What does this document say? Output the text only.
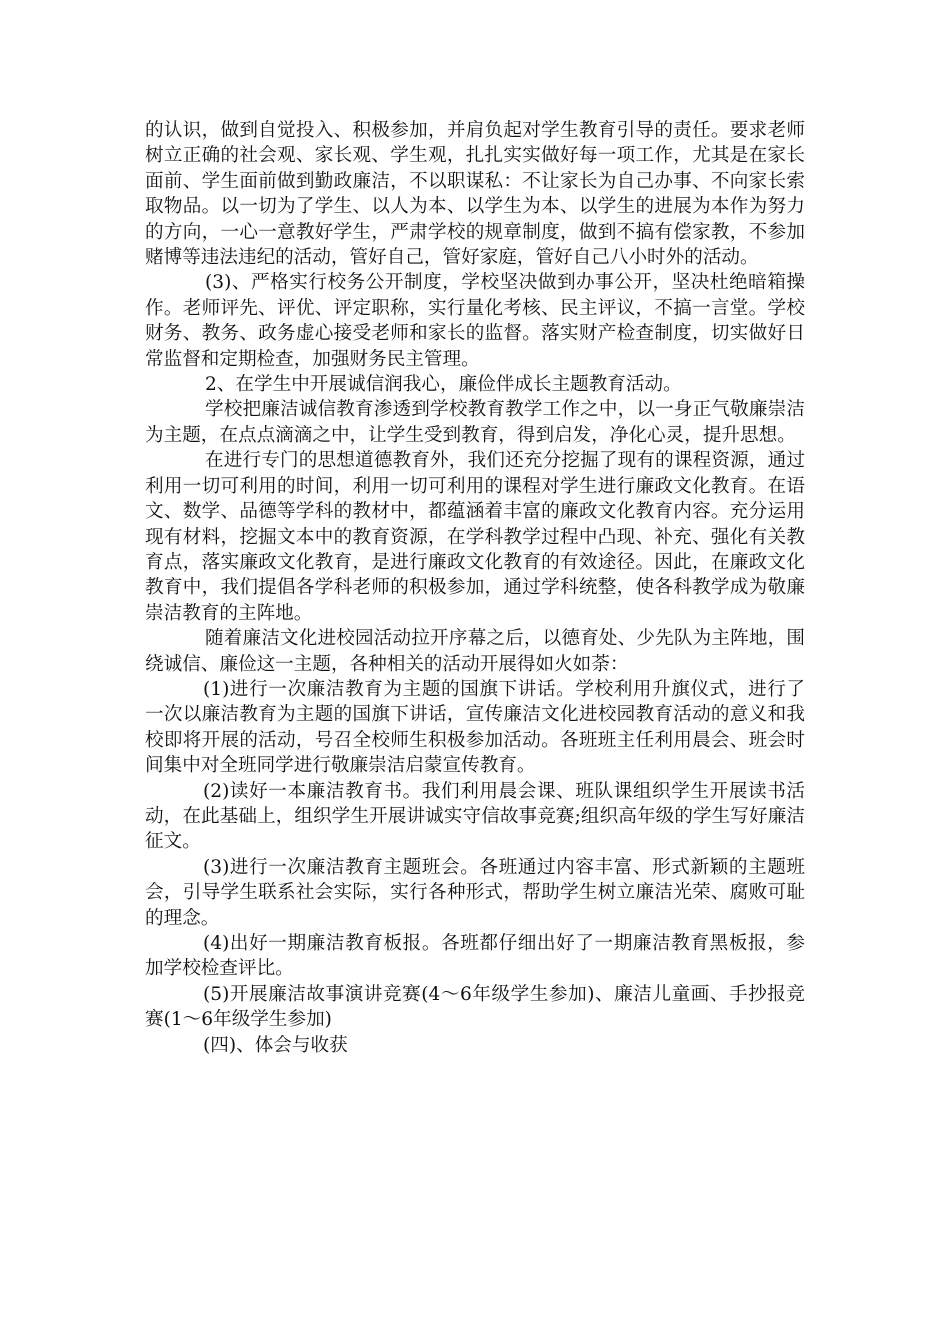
的认识，做到自觉投入、积极参加，并肩负起对学生教育引导的责任。要求老师树立正确的社会观、家长观、学生观，扎扎实实做好每一项工作，尤其是在家长面前、学生面前做到勤政廉洁，不以职谋私：不让家长为自己办事、不向家长索取物品。以一切为了学生、以人为本、以学生为本、以学生的进展为本作为努力的方向，一心一意教好学生，严肃学校的规章制度，做到不搞有偿家教，不参加赌博等违法违纪的活动，管好自己，管好家庭，管好自己八小时外的活动。

(3)、严格实行校务公开制度，学校坚决做到办事公开，坚决杜绝暗箱操作。老师评先、评优、评定职称，实行量化考核、民主评议，不搞一言堂。学校财务、教务、政务虚心接受老师和家长的监督。落实财产检查制度，切实做好日常监督和定期检查，加强财务民主管理。

2、在学生中开展诚信润我心，廉俭伴成长主题教育活动。

学校把廉洁诚信教育渗透到学校教育教学工作之中，以一身正气敬廉崇洁为主题，在点点滴滴之中，让学生受到教育，得到启发，净化心灵，提升思想。

在进行专门的思想道德教育外，我们还充分挖掘了现有的课程资源，通过利用一切可利用的时间，利用一切可利用的课程对学生进行廉政文化教育。在语文、数学、品德等学科的教材中，都蕴涵着丰富的廉政文化教育内容。充分运用现有材料，挖掘文本中的教育资源，在学科教学过程中凸现、补充、强化有关教育点，落实廉政文化教育，是进行廉政文化教育的有效途径。因此，在廉政文化教育中，我们提倡各学科老师的积极参加，通过学科统整，使各科教学成为敬廉崇洁教育的主阵地。

随着廉洁文化进校园活动拉开序幕之后，以德育处、少先队为主阵地，围绕诚信、廉俭这一主题，各种相关的活动开展得如火如荼：

(1)进行一次廉洁教育为主题的国旗下讲话。学校利用升旗仪式，进行了一次以廉洁教育为主题的国旗下讲话，宣传廉洁文化进校园教育活动的意义和我校即将开展的活动，号召全校师生积极参加活动。各班班主任利用晨会、班会时间集中对全班同学进行敬廉崇洁启蒙宣传教育。

(2)读好一本廉洁教育书。我们利用晨会课、班队课组织学生开展读书活动，在此基础上，组织学生开展讲诚实守信故事竞赛;组织高年级的学生写好廉洁征文。

(3)进行一次廉洁教育主题班会。各班通过内容丰富、形式新颖的主题班会，引导学生联系社会实际，实行各种形式，帮助学生树立廉洁光荣、腐败可耻的理念。

(4)出好一期廉洁教育板报。各班都仔细出好了一期廉洁教育黑板报，参加学校检查评比。

(5)开展廉洁故事演讲竞赛(4～6年级学生参加)、廉洁儿童画、手抄报竞赛(1～6年级学生参加)

(四)、体会与收获
